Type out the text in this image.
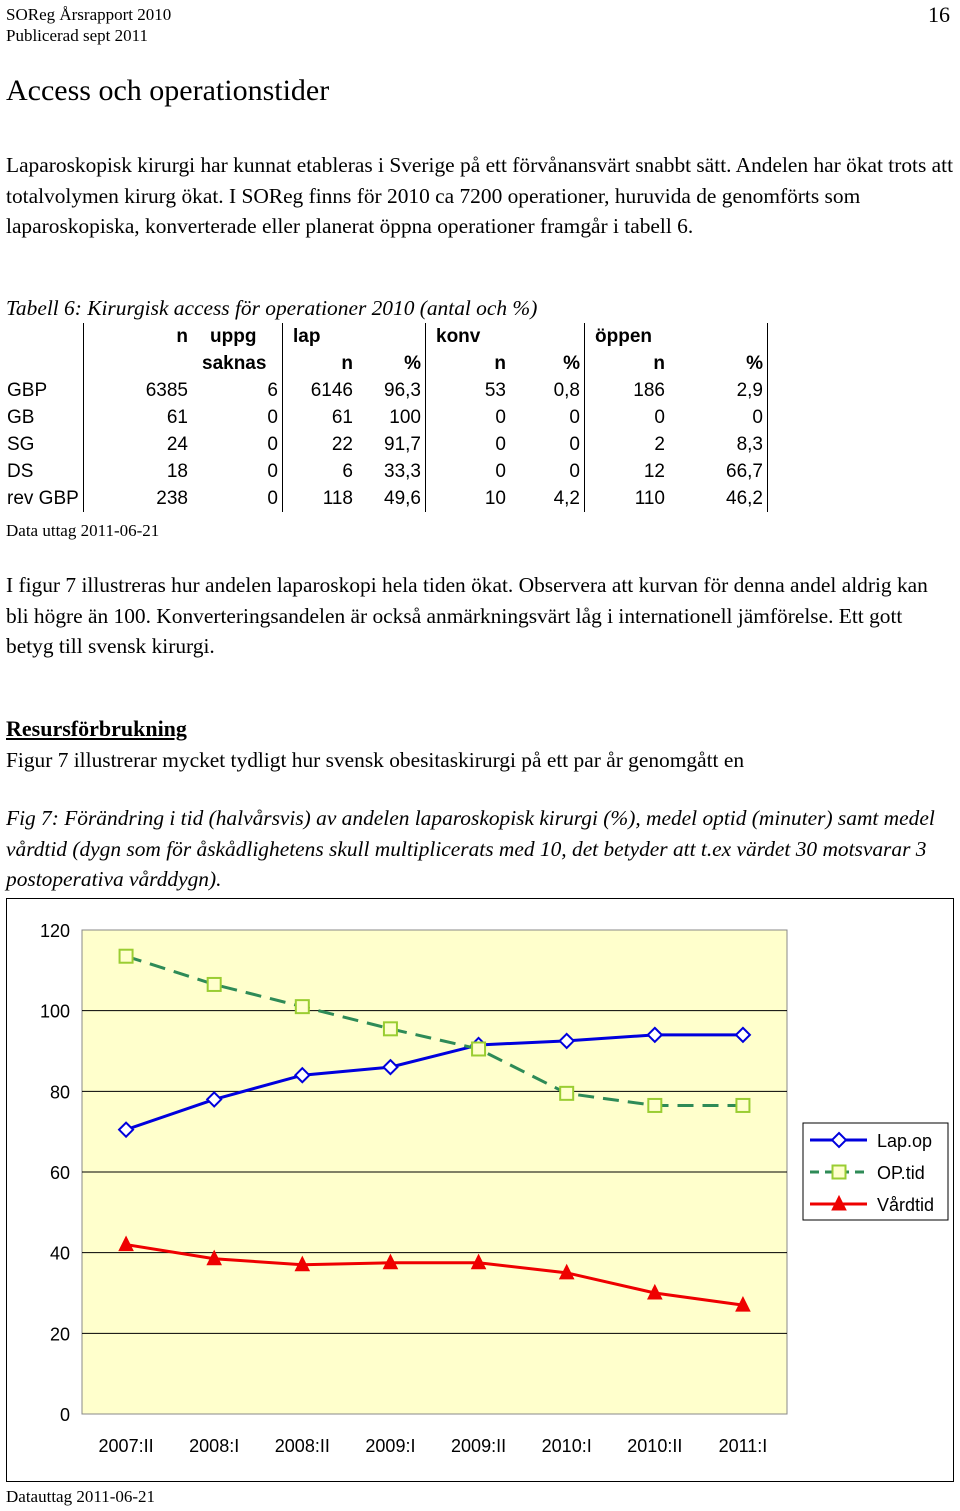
SOReg Årsrapport 2010
Publicerad sept 2011
16
Access och operationstider
Laparoskopisk kirurgi har kunnat etableras i Sverige på ett förvånansvärt snabbt sätt. Andelen har ökat trots att totalvolymen kirurg ökat. I SOReg finns för 2010 ca 7200 operationer, huruvida de genomförts som laparoskopiska, konverterade eller planerat öppna operationer framgår i tabell 6.
Tabell 6: Kirurgisk access för operationer 2010 (antal och %)
	n	uppg	lap		konv		öppen	
		saknas	n	%	n	%	n	%
GBP	6385	6	6146	96,3	53	0,8	186	2,9
GB	61	0	61	100	0	0	0	0
SG	24	0	22	91,7	0	0	2	8,3
DS	18	0	6	33,3	0	0	12	66,7
rev GBP	238	0	118	49,6	10	4,2	110	46,2
Data uttag 2011-06-21
I figur 7 illustreras hur andelen laparoskopi hela tiden ökat. Observera att kurvan för denna andel aldrig kan bli högre än 100. Konverteringsandelen är också anmärkningsvärt låg i internationell jämförelse. Ett gott betyg till svensk kirurgi.
Resursförbrukning
Figur 7 illustrerar mycket tydligt hur svensk obesitaskirurgi på ett par år genomgått en
Fig 7: Förändring i tid (halvårsvis) av andelen laparoskopisk kirurgi (%), medel optid (minuter) samt medel vårdtid (dygn som för åskådlighetens skull multiplicerats med 10, det betyder att t.ex värdet 30 motsvarar 3 postoperativa vårddygn).
0
20
40
60
80
100
120
2007:II 2008:I 2008:II 2009:I 2009:II 2010:I 2010:II 2011:I
Lap.op
OP.tid
Vårdtid
Datauttag 2011-06-21
